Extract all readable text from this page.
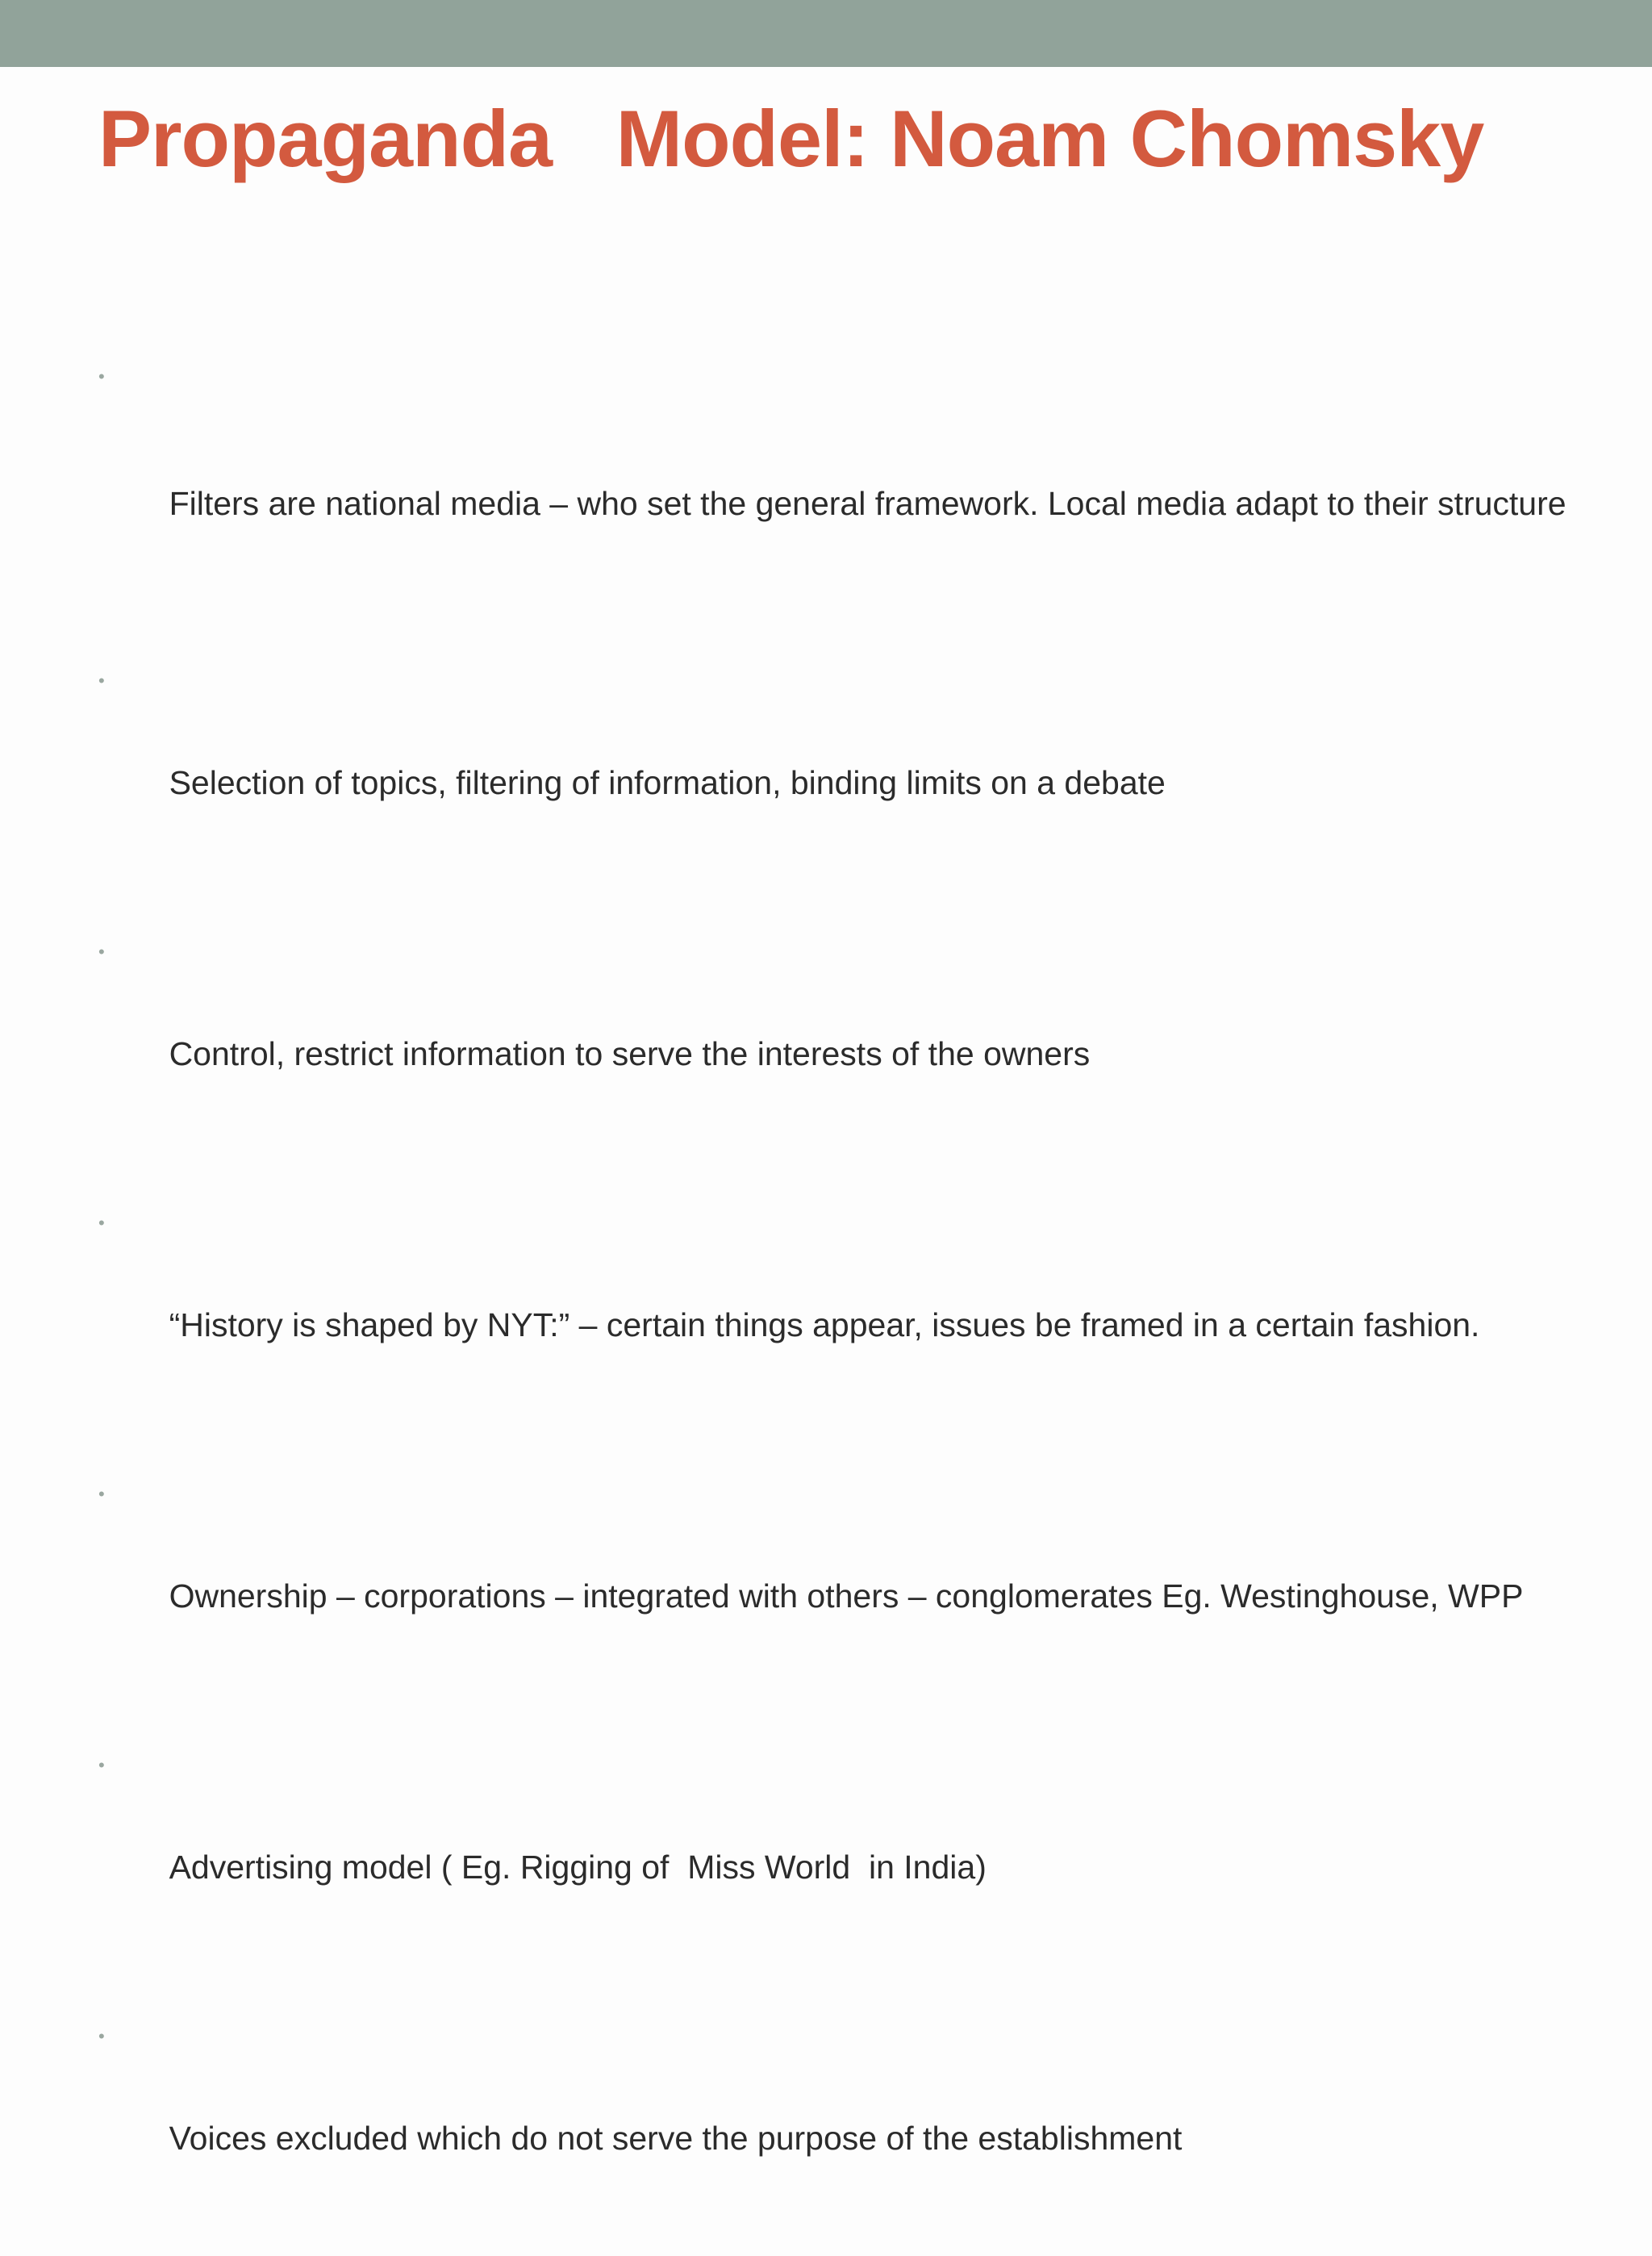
Propaganda   Model: Noam Chomsky

•

Filters are national media – who set the general framework. Local media adapt to their structure

•

Selection of topics, filtering of information, binding limits on a debate

•

Control, restrict information to serve the interests of the owners

•

“History is shaped by NYT:” – certain things appear, issues be framed in a certain fashion.

•

Ownership – corporations – integrated with others – conglomerates Eg. Westinghouse, WPP

•

Advertising model ( Eg. Rigging of  Miss World  in India)

•

Voices excluded which do not serve the purpose of the establishment
